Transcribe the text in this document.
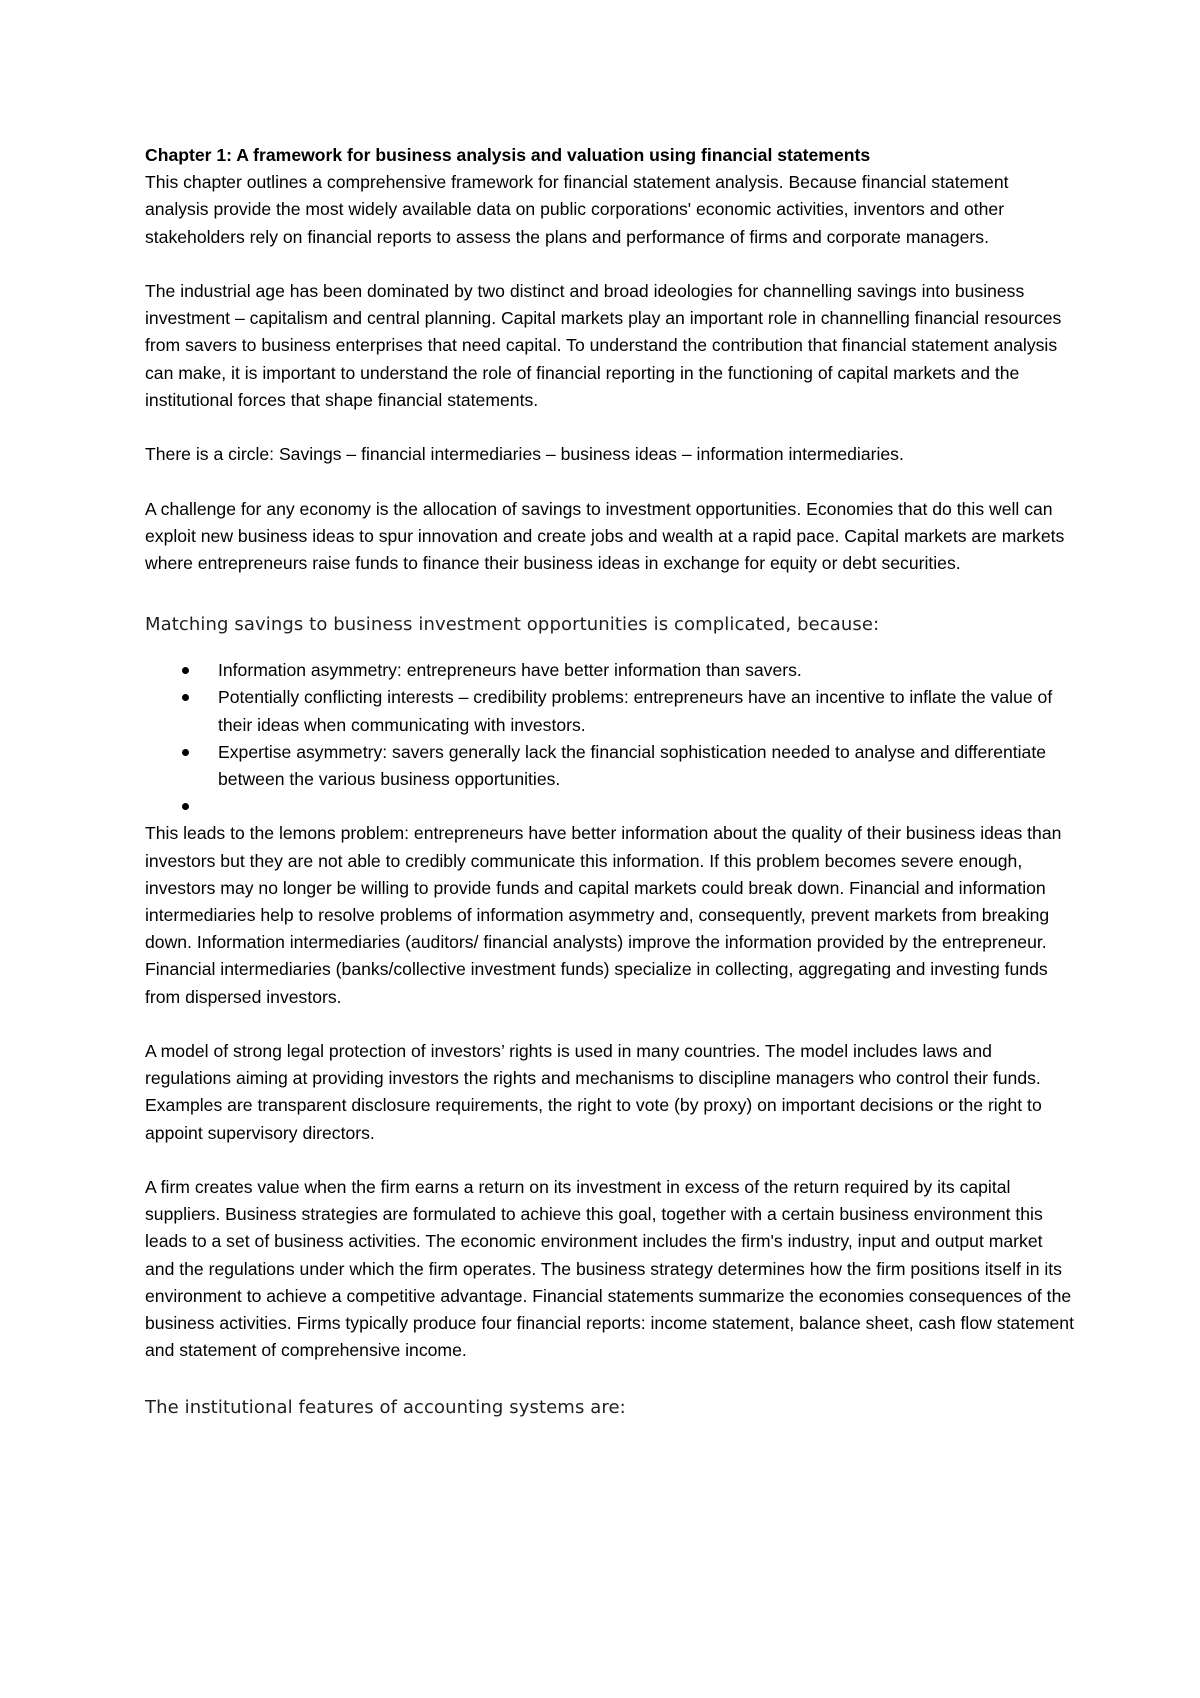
Chapter 1: A framework for business analysis and valuation using financial statements

This chapter outlines a comprehensive framework for financial statement analysis. Because financial statement analysis provide the most widely available data on public corporations' economic activities, inventors and other stakeholders rely on financial reports to assess the plans and performance of firms and corporate managers.

The industrial age has been dominated by two distinct and broad ideologies for channelling savings into business investment – capitalism and central planning. Capital markets play an important role in channelling financial resources from savers to business enterprises that need capital. To understand the contribution that financial statement analysis can make, it is important to understand the role of financial reporting in the functioning of capital markets and the institutional forces that shape financial statements.

There is a circle: Savings – financial intermediaries – business ideas – information intermediaries.

A challenge for any economy is the allocation of savings to investment opportunities. Economies that do this well can exploit new business ideas to spur innovation and create jobs and wealth at a rapid pace. Capital markets are markets where entrepreneurs raise funds to finance their business ideas in exchange for equity or debt securities.

Matching savings to business investment opportunities is complicated, because:

Information asymmetry: entrepreneurs have better information than savers.
Potentially conflicting interests – credibility problems: entrepreneurs have an incentive to inflate the value of their ideas when communicating with investors.
Expertise asymmetry: savers generally lack the financial sophistication needed to analyse and differentiate between the various business opportunities.

This leads to the lemons problem: entrepreneurs have better information about the quality of their business ideas than investors but they are not able to credibly communicate this information. If this problem becomes severe enough, investors may no longer be willing to provide funds and capital markets could break down. Financial and information intermediaries help to resolve problems of information asymmetry and, consequently, prevent markets from breaking down. Information intermediaries (auditors/ financial analysts) improve the information provided by the entrepreneur. Financial intermediaries (banks/collective investment funds) specialize in collecting, aggregating and investing funds from dispersed investors.

A model of strong legal protection of investors’ rights is used in many countries. The model includes laws and regulations aiming at providing investors the rights and mechanisms to discipline managers who control their funds. Examples are transparent disclosure requirements, the right to vote (by proxy) on important decisions or the right to appoint supervisory directors.

A firm creates value when the firm earns a return on its investment in excess of the return required by its capital suppliers. Business strategies are formulated to achieve this goal, together with a certain business environment this leads to a set of business activities. The economic environment includes the firm's industry, input and output market and the regulations under which the firm operates. The business strategy determines how the firm positions itself in its environment to achieve a competitive advantage. Financial statements summarize the economies consequences of the business activities. Firms typically produce four financial reports: income statement, balance sheet, cash flow statement and statement of comprehensive income.

The institutional features of accounting systems are:
